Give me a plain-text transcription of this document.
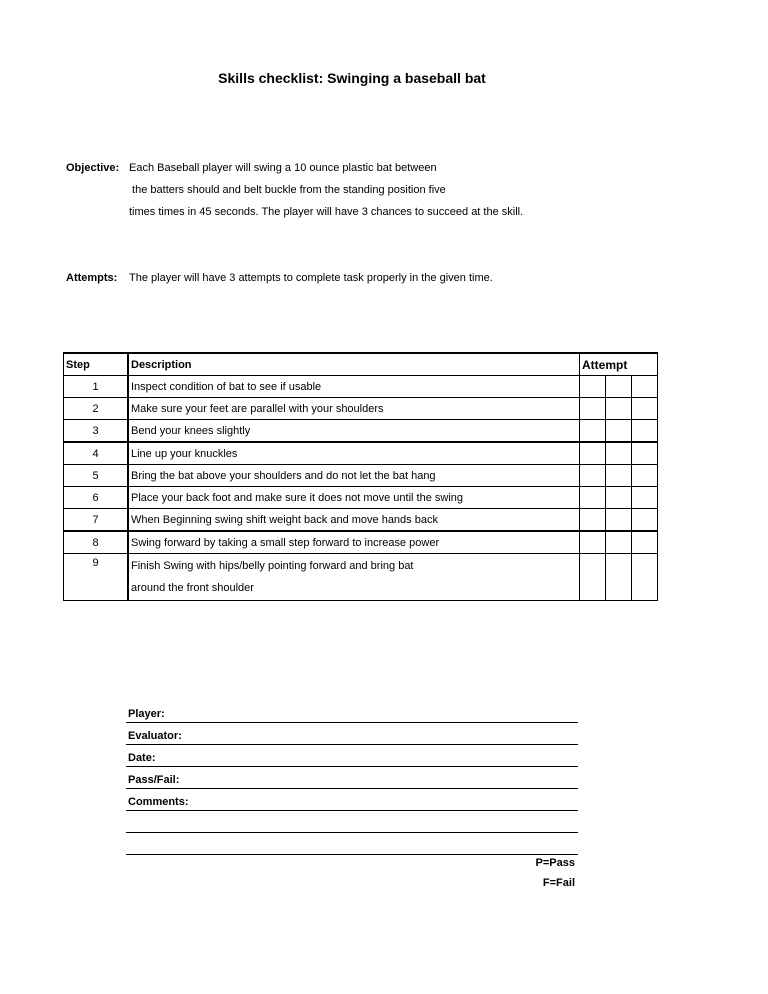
Skills checklist: Swinging a baseball bat
Objective: Each Baseball player will swing a 10 ounce plastic bat between
the batters should and belt buckle from the standing position five
times times in 45 seconds. The player will have 3 chances to succeed at the skill.
Attempts: The player will have 3 attempts to complete task properly in the given time.
Step	Description	Attempt		
1	Inspect condition of bat to see if usable			
2	Make sure your feet are parallel with your shoulders			
3	Bend your knees slightly			
4	Line up your knuckles			
5	Bring the bat above your shoulders and do not let the bat hang			
6	Place your back foot and make sure it does not move until the swing			
7	When Beginning swing shift weight back and move hands back			
8	Swing forward by taking a small step forward to increase power			
9	Finish Swing with hips/belly pointing forward and bring bat
around the front shoulder			

Player:
Evaluator:
Date:
Pass/Fail:
Comments:
P=Pass
F=Fail
